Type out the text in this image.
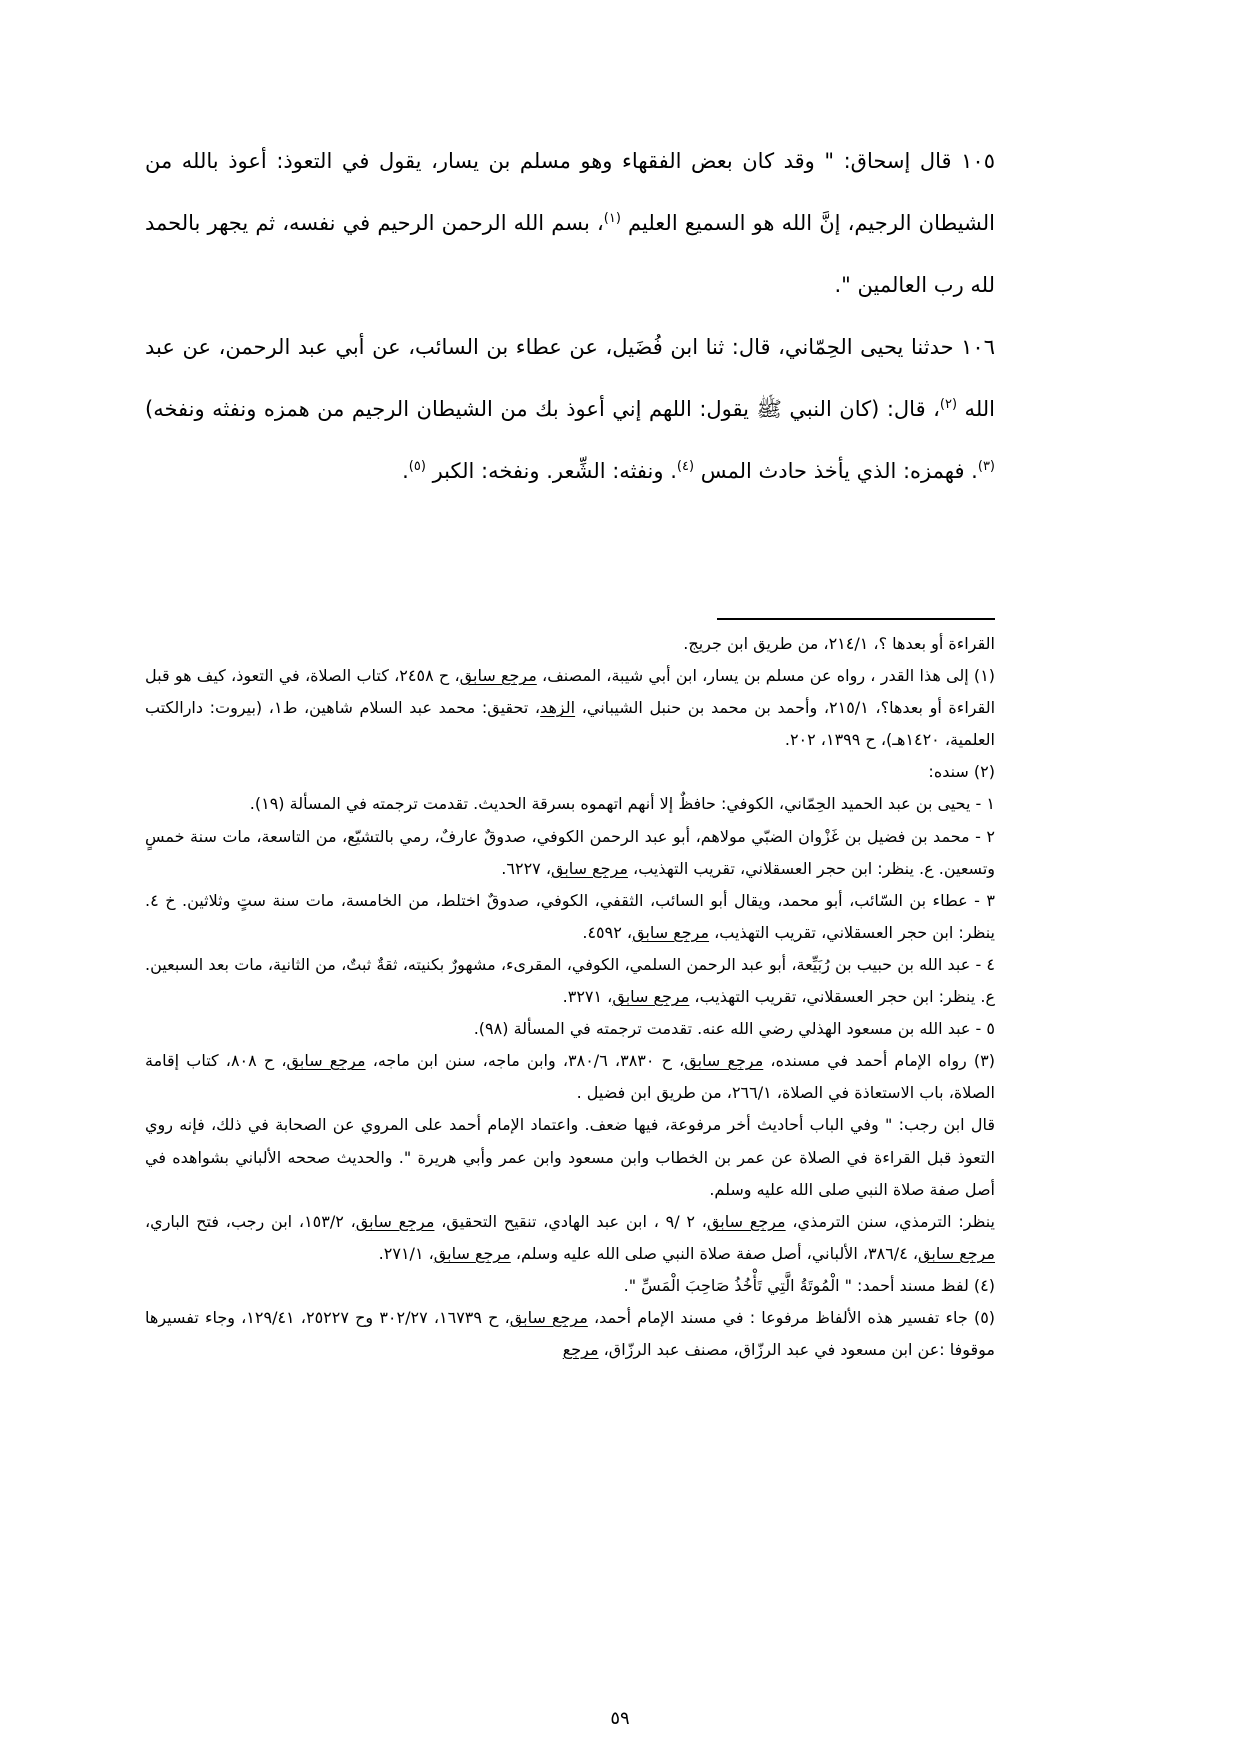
١٠٥ قال إسحاق: " وقد كان بعض الفقهاء وهو مسلم بن يسار، يقول في التعوذ: أعوذ بالله من الشيطان الرجيم، إنَّ الله هو السميع العليم $^{(١)}$، بسم الله الرحمن الرحيم في نفسه، ثم يجهر بالحمد لله رب العالمين ".

١٠٦ حدثنا يحيى الحِمّاني، قال: ثنا ابن فُضَيل، عن عطاء بن السائب، عن أبي عبد الرحمن، عن عبد الله $^{(٢)}$، قال: (كان النبي ﷺ يقول: اللهم إني أعوذ بك من الشيطان الرجيم من همزه ونفثه ونفخه)$^{(٣)}$. فهمزه: الذي يأخذ حادث المس $^{(٤)}$. ونفثه: الشِّعر. ونفخه: الكبر $^{(٥)}$.

القراءة أو بعدها ؟، ٢١٤/١، من طريق ابن جريج.

(١) إلى هذا القدر ، رواه عن مسلم بن يسار، ابن أبي شيبة، المصنف، مرجع سابق، ح ٢٤٥٨، كتاب الصلاة، في التعوذ، كيف هو قبل القراءة أو بعدها؟، ٢١٥/١، وأحمد بن محمد بن حنبل الشيباني، الزهد، تحقيق: محمد عبد السلام شاهين، ط١، (بيروت: دارالكتب العلمية، ١٤٢٠هـ)، ح ١٣٩٩، ٢٠٢.

(٢) سنده:

١ - يحيى بن عبد الحميد الحِمّاني، الكوفي: حافظٌ إلا أنهم اتهموه بسرقة الحديث. تقدمت ترجمته في المسألة (١٩).

٢ - محمد بن فضيل بن غَزْوان الضبّي مولاهم، أبو عبد الرحمن الكوفي، صدوقٌ عارفٌ، رمي بالتشيّع، من التاسعة، مات سنة خمسٍ وتسعين. ع. ينظر: ابن حجر العسقلاني، تقريب التهذيب، مرجع سابق، ٦٢٢٧.

٣ - عطاء بن السّائب، أبو محمد، ويقال أبو السائب، الثقفي، الكوفي، صدوقٌ اختلط، من الخامسة، مات سنة ستٍ وثلاثين. خ ٤. ينظر: ابن حجر العسقلاني، تقريب التهذيب، مرجع سابق، ٤٥٩٢.

٤ - عبد الله بن حبيب بن رُبَيِّعة، أبو عبد الرحمن السلمي، الكوفي، المقرىء، مشهورٌ بكنيته، ثقةٌ ثبتٌ، من الثانية، مات بعد السبعين. ع. ينظر: ابن حجر العسقلاني، تقريب التهذيب، مرجع سابق، ٣٢٧١.

٥ - عبد الله بن مسعود الهذلي رضي الله عنه. تقدمت ترجمته في المسألة (٩٨).

(٣) رواه الإمام أحمد في مسنده، مرجع سابق، ح ٣٨٣٠، ٣٨٠/٦، وابن ماجه، سنن ابن ماجه، مرجع سابق، ح ٨٠٨، كتاب إقامة الصلاة، باب الاستعاذة في الصلاة، ٢٦٦/١، من طريق ابن فضيل .

قال ابن رجب: " وفي الباب أحاديث أخر مرفوعة، فيها ضعف. واعتماد الإمام أحمد على المروي عن الصحابة في ذلك، فإنه روي التعوذ قبل القراءة في الصلاة عن عمر بن الخطاب وابن مسعود وابن عمر وأبي هريرة ". والحديث صححه الألباني بشواهده في أصل صفة صلاة النبي صلى الله عليه وسلم.

ينظر: الترمذي، سنن الترمذي، مرجع سابق، ٢ /٩ ، ابن عبد الهادي، تنقيح التحقيق، مرجع سابق، ١٥٣/٢، ابن رجب، فتح الباري، مرجع سابق، ٣٨٦/٤، الألباني، أصل صفة صلاة النبي صلى الله عليه وسلم، مرجع سابق، ٢٧١/١.

(٤) لفظ مسند أحمد: " الْمُوتَةُ الَّتِي تَأْخُذُ صَاحِبَ الْمَسِّ ".

(٥) جاء تفسير هذه الألفاظ مرفوعا : في مسند الإمام أحمد، مرجع سابق، ح ١٦٧٣٩، ٣٠٢/٢٧ وح ٢٥٢٢٧، ١٢٩/٤١، وجاء تفسيرها موقوفا :عن ابن مسعود في عبد الرزّاق، مصنف عبد الرزّاق، مرجع

٥٩
